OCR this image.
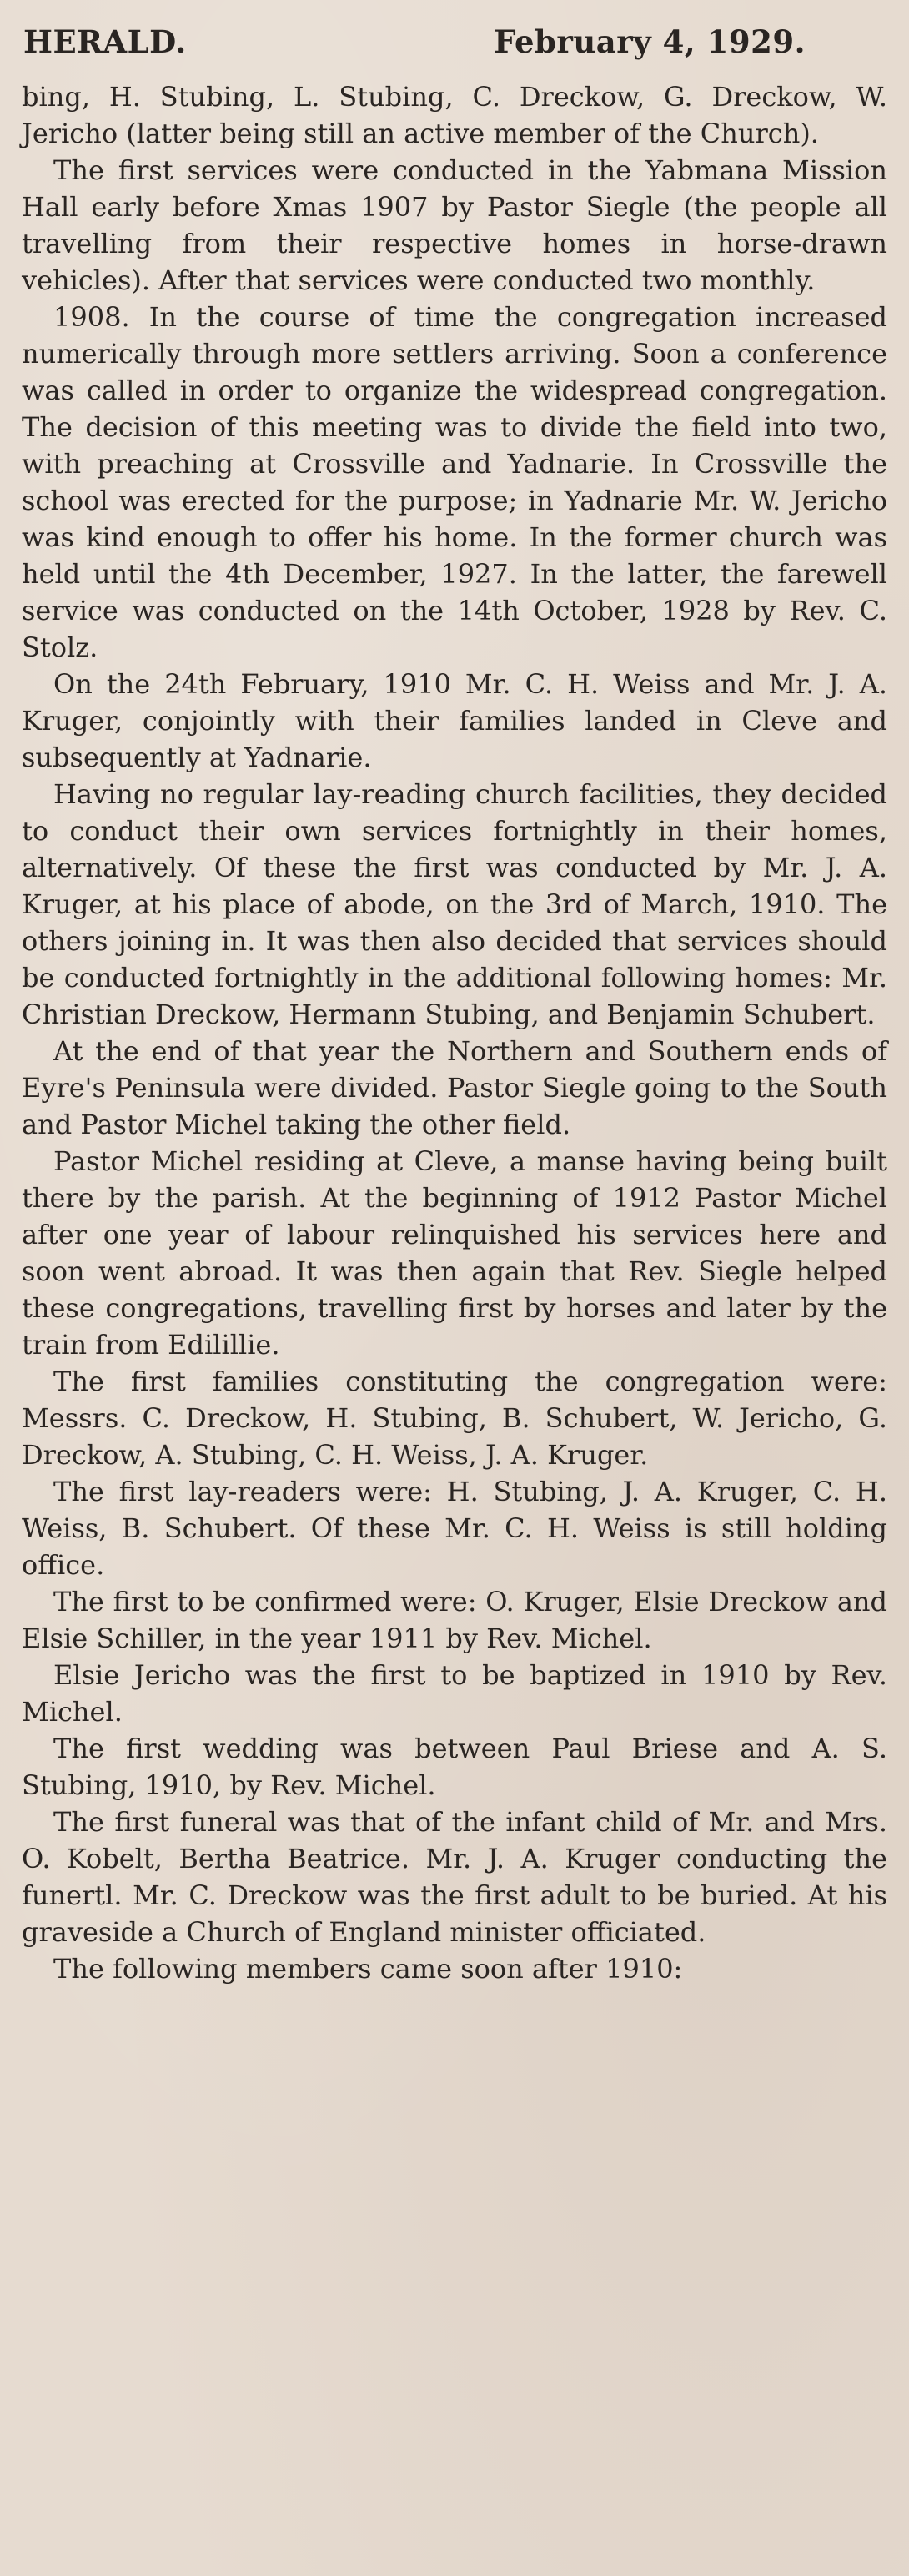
HERALD.	February 4, 1929.

bing, H. Stubing, L. Stubing, C. Dreckow, G. Dreckow, W. Jericho (latter being still an active member of the Church).

The first services were conducted in the Yabmana Mission Hall early before Xmas 1907 by Pastor Siegle (the people all travelling from their respective homes in horse-drawn vehicles). After that services were conducted two monthly.

1908. In the course of time the congregation increased numerically through more settlers arriving. Soon a conference was called in order to organize the widespread congregation. The decision of this meeting was to divide the field into two, with preaching at Crossville and Yadnarie. In Crossville the school was erected for the purpose; in Yadnarie Mr. W. Jericho was kind enough to offer his home. In the former church was held until the 4th December, 1927. In the latter, the farewell service was conducted on the 14th October, 1928 by Rev. C. Stolz.

On the 24th February, 1910 Mr. C. H. Weiss and Mr. J. A. Kruger, conjointly with their families landed in Cleve and subsequently at Yadnarie.

Having no regular lay-reading church facilities, they decided to conduct their own services fortnightly in their homes, alternatively. Of these the first was conducted by Mr. J. A. Kruger, at his place of abode, on the 3rd of March, 1910. The others joining in. It was then also decided that services should be conducted fortnightly in the additional following homes: Mr. Christian Dreckow, Hermann Stubing, and Benjamin Schubert.

At the end of that year the Northern and Southern ends of Eyre's Peninsula were divided. Pastor Siegle going to the South and Pastor Michel taking the other field.

Pastor Michel residing at Cleve, a manse having being built there by the parish. At the beginning of 1912 Pastor Michel after one year of labour relinquished his services here and soon went abroad. It was then again that Rev. Siegle helped these congregations, travelling first by horses and later by the train from Edilillie.

The first families constituting the congregation were: Messrs. C. Dreckow, H. Stubing, B. Schubert, W. Jericho, G. Dreckow, A. Stubing, C. H. Weiss, J. A. Kruger.

The first lay-readers were: H. Stubing, J. A. Kruger, C. H. Weiss, B. Schubert. Of these Mr. C. H. Weiss is still holding office.

The first to be confirmed were: O. Kruger, Elsie Dreckow and Elsie Schiller, in the year 1911 by Rev. Michel.

Elsie Jericho was the first to be baptized in 1910 by Rev. Michel.

The first wedding was between Paul Briese and A. S. Stubing, 1910, by Rev. Michel.

The first funeral was that of the infant child of Mr. and Mrs. O. Kobelt, Bertha Beatrice. Mr. J. A. Kruger conducting the funertl. Mr. C. Dreckow was the first adult to be buried. At his graveside a Church of England minister officiated.

The following members came soon after 1910:
